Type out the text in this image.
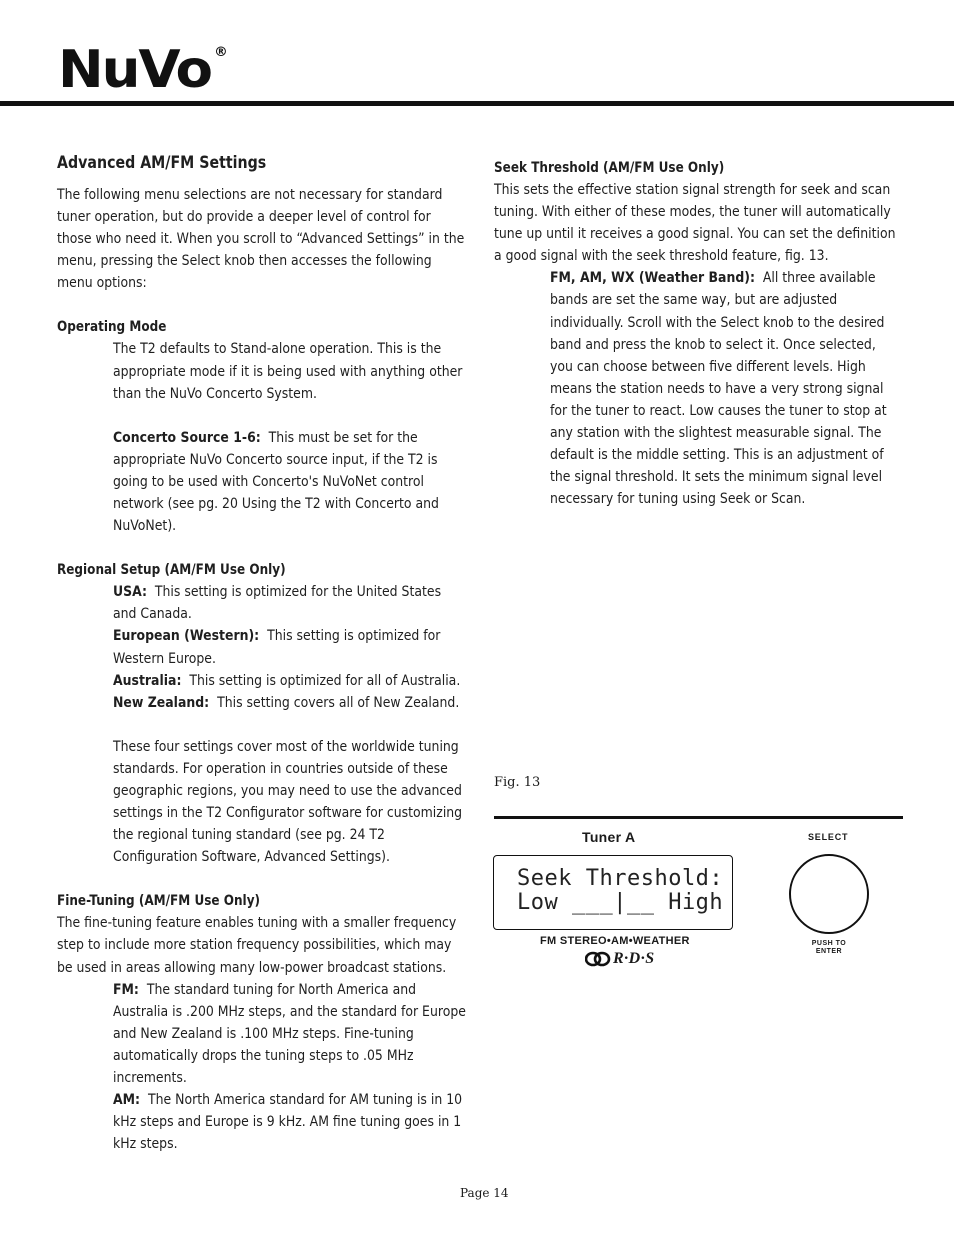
NuVo ®
Advanced AM/FM Settings

The following menu selections are not necessary for standard tuner operation, but do provide a deeper level of control for those who need it. When you scroll to “Advanced Settings” in the menu, pressing the Select knob then accesses the following menu options:

Operating Mode

The T2 defaults to Stand-alone operation. This is the appropriate mode if it is being used with anything other than the NuVo Concerto System.

Concerto Source 1-6: This must be set for the appropriate NuVo Concerto source input, if the T2 is going to be used with Concerto's NuVoNet control network (see pg. 20 Using the T2 with Concerto and NuVoNet).

Regional Setup (AM/FM Use Only)

USA: This setting is optimized for the United States and Canada.

European (Western): This setting is optimized for Western Europe.

Australia: This setting is optimized for all of Australia.

New Zealand: This setting covers all of New Zealand.

These four settings cover most of the worldwide tuning standards. For operation in countries outside of these geographic regions, you may need to use the advanced settings in the T2 Configurator software for customizing the regional tuning standard (see pg. 24 T2 Configuration Software, Advanced Settings).

Fine-Tuning (AM/FM Use Only)

The fine-tuning feature enables tuning with a smaller frequency step to include more station frequency possibilities, which may be used in areas allowing many low-power broadcast stations.

FM: The standard tuning for North America and Australia is .200 MHz steps, and the standard for Europe and New Zealand is .100 MHz steps. Fine-tuning automatically drops the tuning steps to .05 MHz increments.

AM: The North America standard for AM tuning is in 10 kHz steps and Europe is 9 kHz. AM fine tuning goes in 1 kHz steps.

Seek Threshold (AM/FM Use Only)

This sets the effective station signal strength for seek and scan tuning. With either of these modes, the tuner will automatically tune up until it receives a good signal. You can set the definition a good signal with the seek threshold feature, fig. 13.

FM, AM, WX (Weather Band): All three available bands are set the same way, but are adjusted individually. Scroll with the Select knob to the desired band and press the knob to select it. Once selected, you can choose between five different levels. High means the station needs to have a very strong signal for the tuner to react. Low causes the tuner to stop at any station with the slightest measurable signal. The default is the middle setting. This is an adjustment of the signal threshold. It sets the minimum signal level necessary for tuning using Seek or Scan.

Fig. 13
Tuner A	SELECT
Seek Threshold:
Low ___|__ High
PUSH TO
ENTER
FM STEREO•AM•WEATHER
R·D·S
Page 14
